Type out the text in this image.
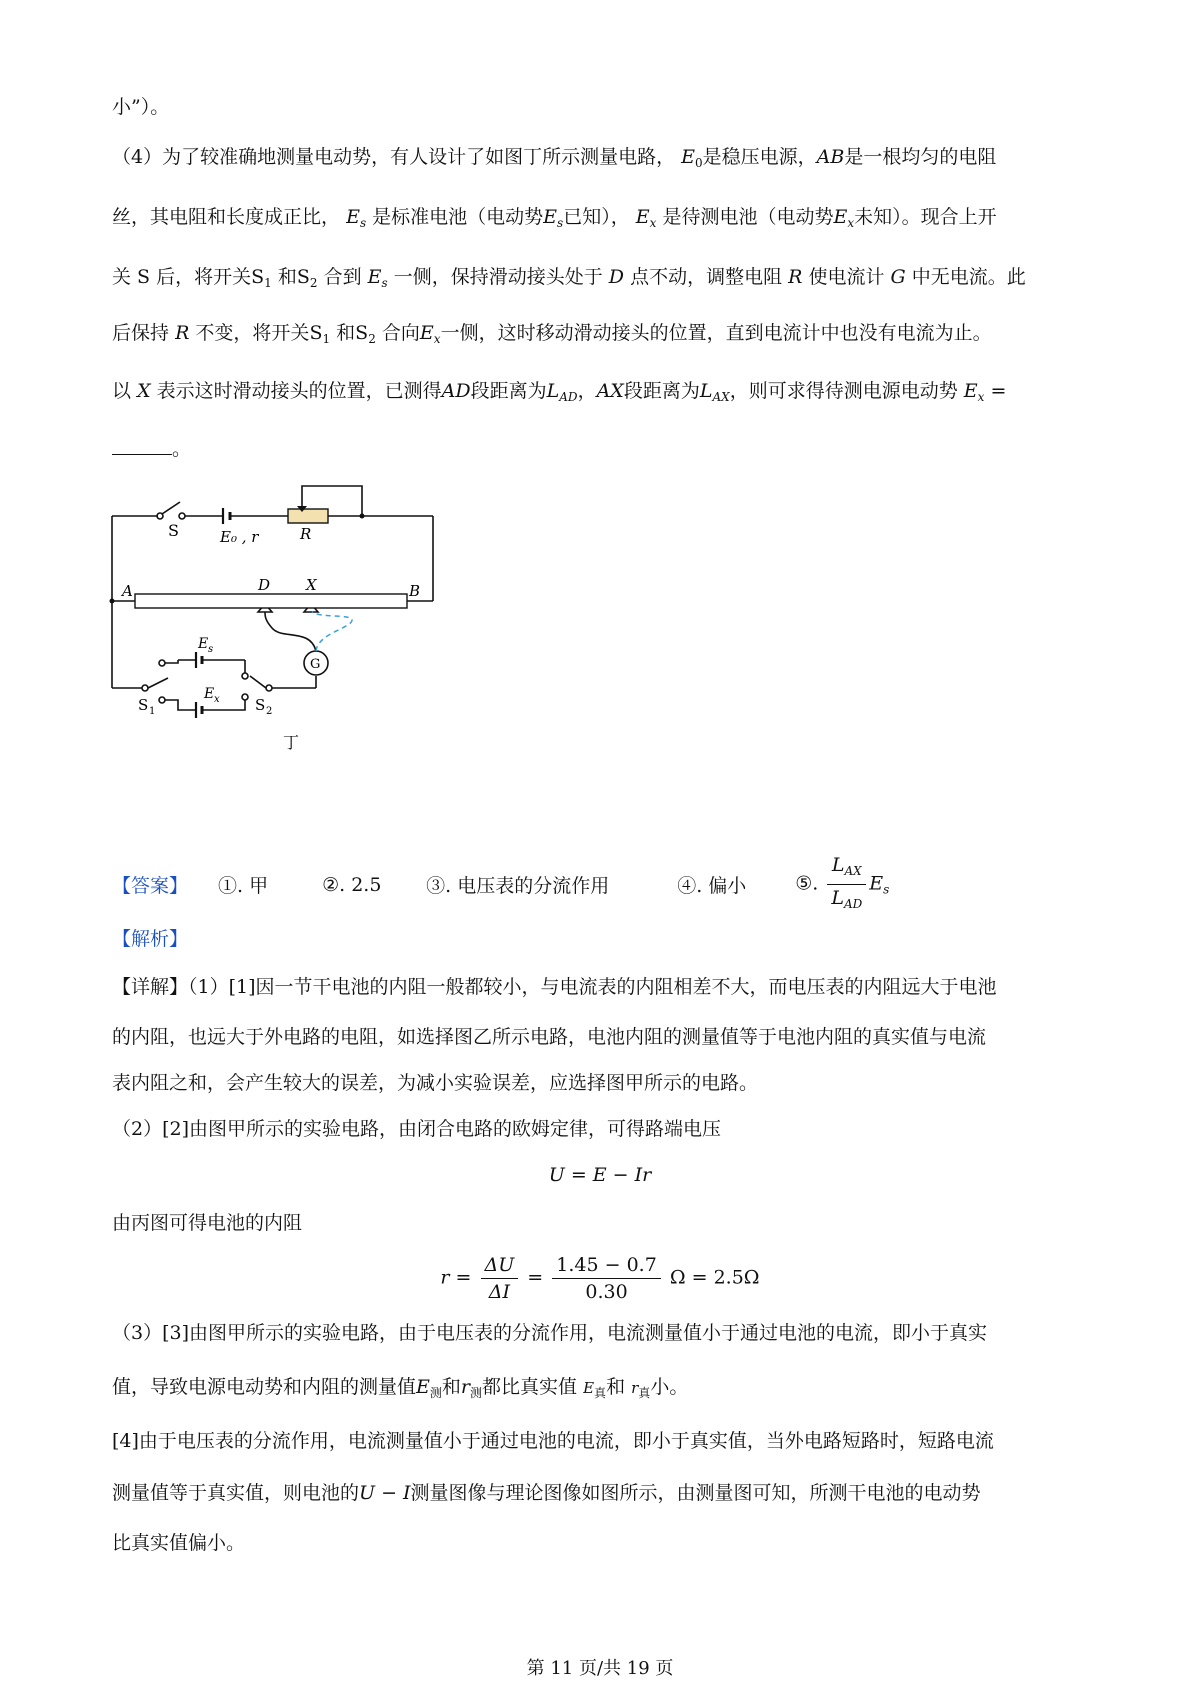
小”）。
（4）为了较准确地测量电动势，有人设计了如图丁所示测量电路， $E_0$是稳压电源，AB是一根均匀的电阻
丝，其电阻和长度成正比， $E_s$ 是标准电池（电动势$E_s$已知）， $E_x$ 是待测电池（电动势$E_x$未知）。现合上开
关 S 后，将开关$S_1$ 和$S_2$ 合到 $E_s$ 一侧，保持滑动接头处于 D 点不动，调整电阻 R 使电流计 G 中无电流。此
后保持 R 不变，将开关$S_1$ 和$S_2$ 合向$E_x$一侧，这时移动滑动接头的位置，直到电流计中也没有电流为止。
以 X 表示这时滑动接头的位置，已测得AD段距离为$L_{AD}$，AX段距离为$L_{AX}$，则可求得待测电源电动势 $E_x$ =
。
S	E₀ , r	R
A	B
D X
E s
E x
S 1	S 2
G
丁
【答案】 ①. 甲	②. 2.5 ③. 电压表的分流作用	④. 偏小	⑤. $\frac{L_{AX}}{L_{AD}} E_s$
【解析】
【详解】（1）[1]因一节干电池的内阻一般都较小，与电流表的内阻相差不大，而电压表的内阻远大于电池
的内阻，也远大于外电路的电阻，如选择图乙所示电路，电池内阻的测量值等于电池内阻的真实值与电流
表内阻之和，会产生较大的误差，为减小实验误差，应选择图甲所示的电路。
（2）[2]由图甲所示的实验电路，由闭合电路的欧姆定律，可得路端电压
U = E − Ir
由丙图可得电池的内阻
$r = \frac{\Delta U}{\Delta I} = \frac{1.45 - 0.7}{0.30}$ Ω = 2.5Ω
（3）[3]由图甲所示的实验电路，由于电压表的分流作用，电流测量值小于通过电池的电流，即小于真实
值，导致电源电动势和内阻的测量值$E_测$和$r_测$都比真实值 $E_真$和 $r_真$小。
[4]由于电压表的分流作用，电流测量值小于通过电池的电流，即小于真实值，当外电路短路时，短路电流
测量值等于真实值，则电池的U − I测量图像与理论图像如图所示，由测量图可知，所测干电池的电动势
比真实值偏小。
第 11 页/共 19 页
